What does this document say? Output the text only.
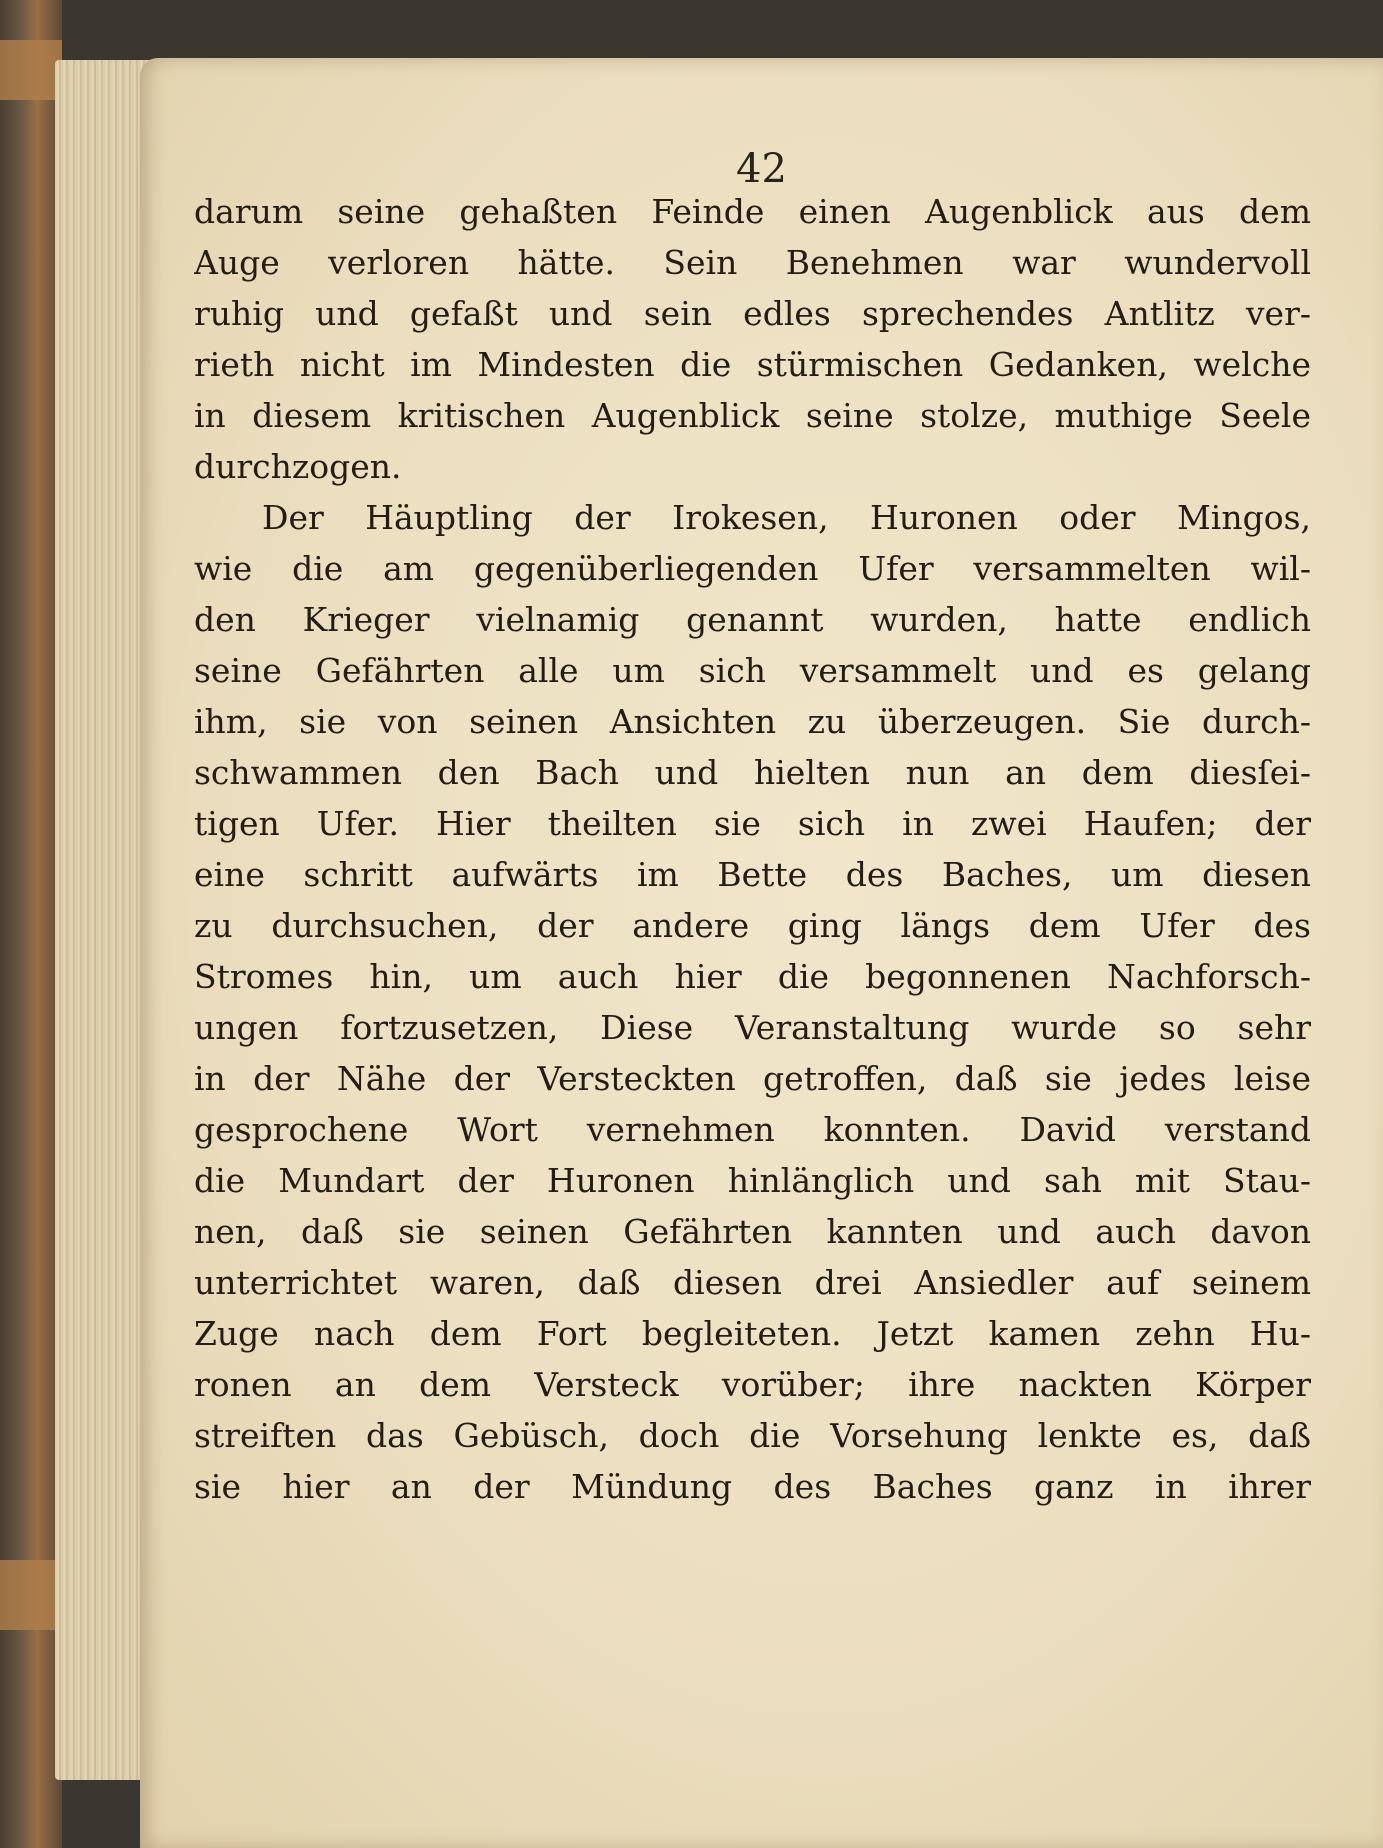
42
darum seine gehaßten Feinde einen Augenblick aus dem
Auge verloren hätte. Sein Benehmen war wundervoll
ruhig und gefaßt und sein edles sprechendes Antlitz ver-
rieth nicht im Mindesten die stürmischen Gedanken, welche
in diesem kritischen Augenblick seine stolze, muthige Seele
durchzogen.
Der Häuptling der Irokesen, Huronen oder Mingos,
wie die am gegenüberliegenden Ufer versammelten wil-
den Krieger vielnamig genannt wurden, hatte endlich
seine Gefährten alle um sich versammelt und es gelang
ihm, sie von seinen Ansichten zu überzeugen. Sie durch-
schwammen den Bach und hielten nun an dem diesſei-
tigen Ufer. Hier theilten sie sich in zwei Haufen; der
eine schritt aufwärts im Bette des Baches, um diesen
zu durchsuchen, der andere ging längs dem Ufer des
Stromes hin, um auch hier die begonnenen Nachforsch-
ungen fortzusetzen, Diese Veranstaltung wurde so sehr
in der Nähe der Versteckten getroffen, daß sie jedes leise
gesprochene Wort vernehmen konnten. David verstand
die Mundart der Huronen hinlänglich und sah mit Stau-
nen, daß sie seinen Gefährten kannten und auch davon
unterrichtet waren, daß diesen drei Ansiedler auf seinem
Zuge nach dem Fort begleiteten. Jetzt kamen zehn Hu-
ronen an dem Versteck vorüber; ihre nackten Körper
streiften das Gebüsch, doch die Vorsehung lenkte es, daß
sie hier an der Mündung des Baches ganz in ihrer
